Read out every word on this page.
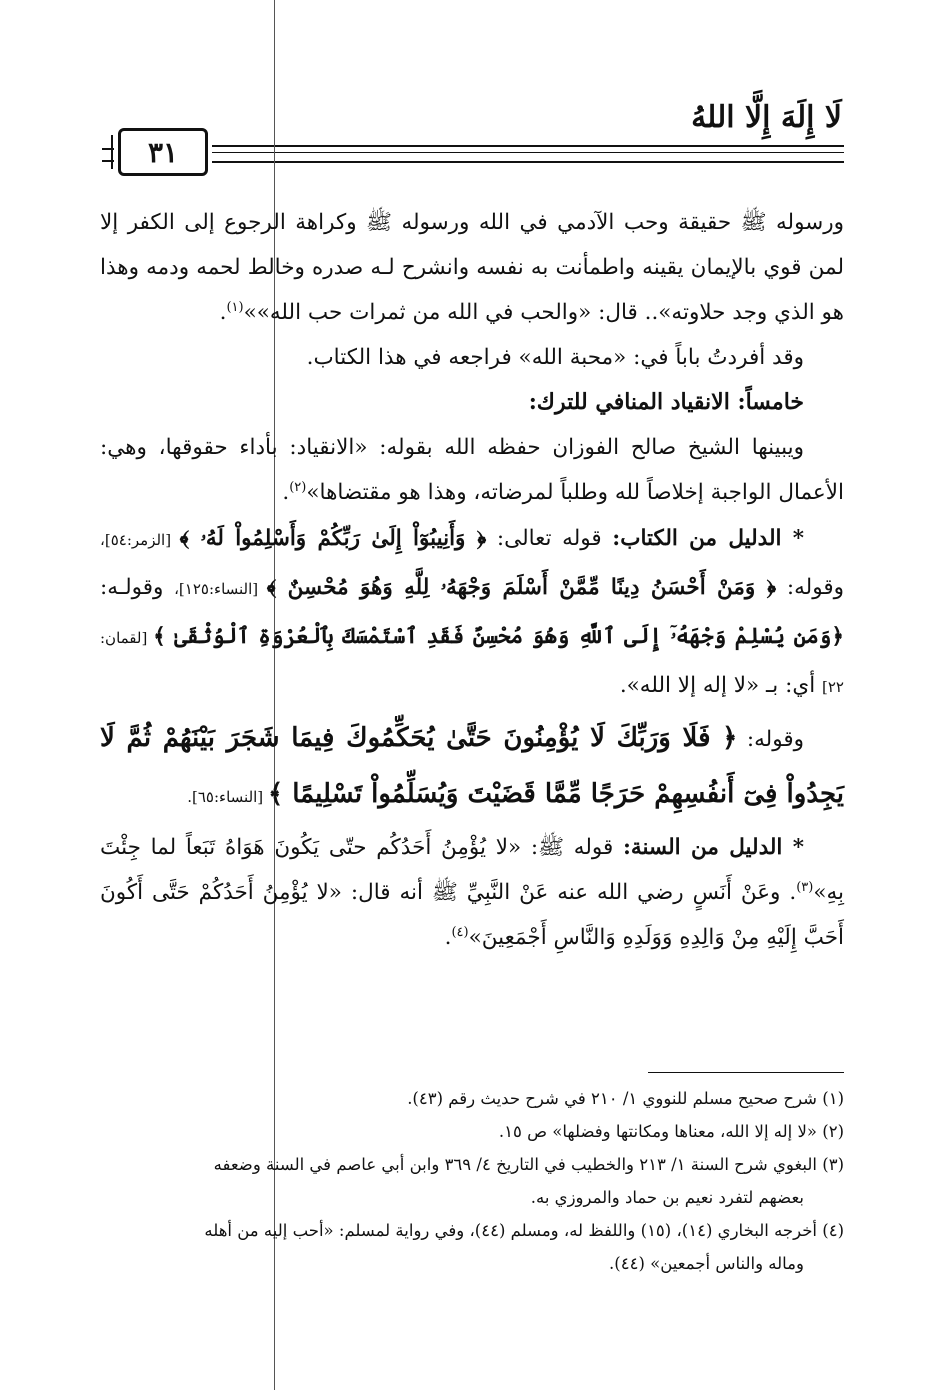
لَا إِلَهَ إِلَّا اللهُ
٣١

ورسوله ﷺ حقيقة وحب الآدمي في الله ورسوله ﷺ وكراهة الرجوع إلى الكفر إلا لمن قوي بالإيمان يقينه واطمأنت به نفسه وانشرح لـه صدره وخالط لحمه ودمه وهذا هو الذي وجد حلاوته».. قال: «والحب في الله من ثمرات حب الله»»$^{(١)}$.

وقد أفردتُ باباً في: «محبة الله» فراجعه في هذا الكتاب.

خامساً: الانقياد المنافي للترك:

ويبينها الشيخ صالح الفوزان حفظه الله بقوله: «الانقياد: بأداء حقوقها، وهي: الأعمال الواجبة إخلاصاً لله وطلباً لمرضاته، وهذا هو مقتضاها»$^{(٢)}$.

* الدليل من الكتاب: قوله تعالى: ﴿ وَأَنِيبُوٓاْ إِلَىٰ رَبِّكُمْ وَأَسْلِمُواْ لَهُۥ ﴾ [الزمر:٥٤]، وقوله: ﴿ وَمَنْ أَحْسَنُ دِينًا مِّمَّنْ أَسْلَمَ وَجْهَهُۥ لِلَّهِ وَهُوَ مُحْسِنٌ ﴾ [النساء:١٢٥]، وقولـه: ﴿وَمَن يُسْلِمْ وَجْهَهُۥٓ إِلَى ٱللَّهِ وَهُوَ مُحْسِنٌ فَقَدِ ٱسْتَمْسَكَ بِٱلْعُرْوَةِ ٱلْوُثْقَىٰ ﴾ [لقمان: ٢٢] أي: بـ «لا إله إلا الله».

وقوله: ﴿ فَلَا وَرَبِّكَ لَا يُؤْمِنُونَ حَتَّىٰ يُحَكِّمُوكَ فِيمَا شَجَرَ بَيْنَهُمْ ثُمَّ لَا يَجِدُواْ فِىٓ أَنفُسِهِمْ حَرَجًا مِّمَّا قَضَيْتَ وَيُسَلِّمُواْ تَسْلِيمًا ﴾ [النساء:٦٥].

* الدليل من السنة: قوله ﷺ: «لا يُؤْمِنُ أَحَدُكُم حتّى يَكُونَ هَوَاهُ تَبَعاً لما جِئْتَ بِهِ»$^{(٣)}$. وعَنْ أَنَسٍ رضي الله عنه عَنْ النَّبِيِّ ﷺ أنه قال: «لا يُؤْمِنُ أَحَدُكُمْ حَتَّى أَكُونَ أَحَبَّ إِلَيْهِ مِنْ وَالِدِهِ وَوَلَدِهِ وَالنَّاسِ أَجْمَعِينَ»$^{(٤)}$.

(١) شرح صحيح مسلم للنووي ١/ ٢١٠ في شرح حديث رقم (٤٣).

(٢) «لا إله إلا الله، معناها ومكانتها وفضلها» ص ١٥.

(٣) البغوي شرح السنة ١/ ٢١٣ والخطيب في التاريخ ٤/ ٣٦٩ وابن أبي عاصم في السنة وضعفه

بعضهم لتفرد نعيم بن حماد والمروزي به.

(٤) أخرجه البخاري (١٤)، (١٥) واللفظ له، ومسلم (٤٤)، وفي رواية لمسلم: «أحب إليه من أهله

وماله والناس أجمعين» (٤٤).
